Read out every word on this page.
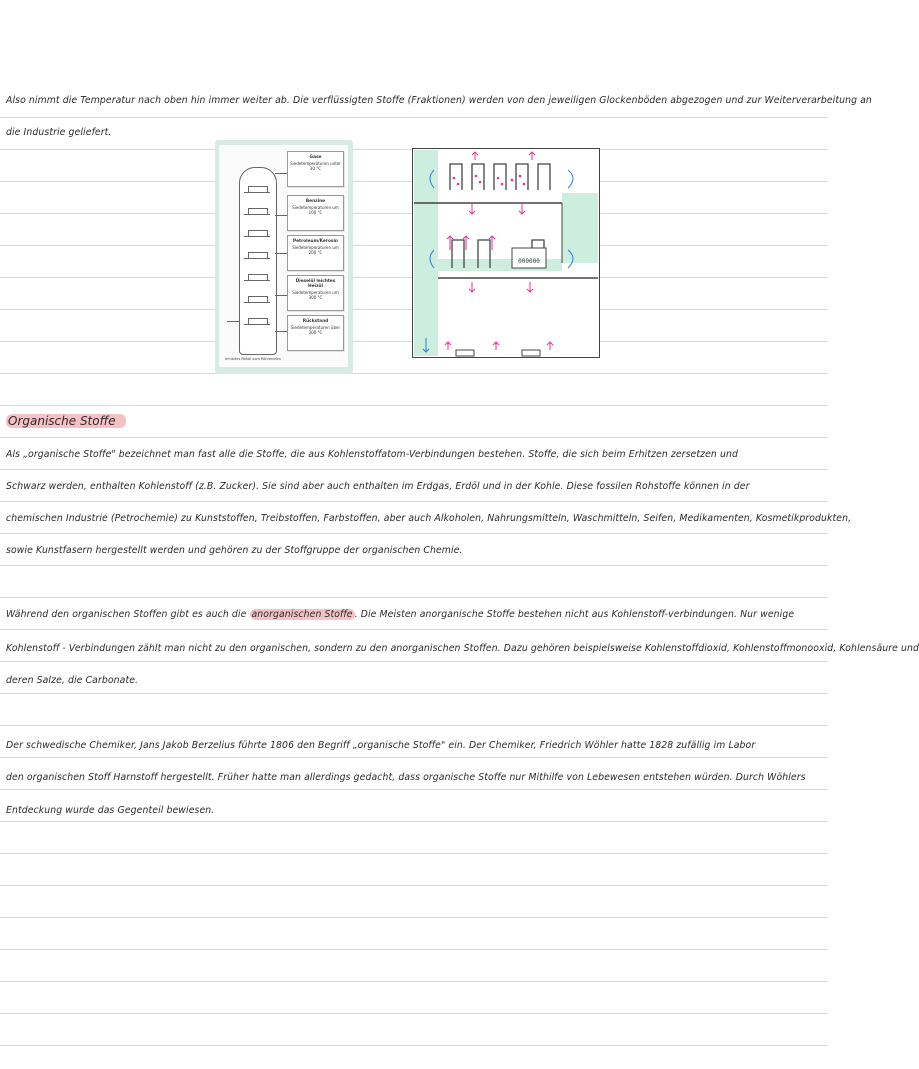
Also nimmt die Temperatur nach oben hin immer weiter ab. Die verflüssigten Stoffe (Fraktionen) werden von den jeweiligen Glockenböden abgezogen und zur Weiterverarbeitung an
die Industrie geliefert.
Gase
Siedetemperaturen unter 30 °C
Benzine
Siedetemperaturen um 100 °C
Petroleum/Kerosin
Siedetemperaturen um 200 °C
Dieselöl leichtes Heizöl
Siedetemperaturen um 300 °C
Rückstand
Siedetemperaturen über 300 °C
erhitztes Rohöl vom Röhrenofen
000000
Organische Stoffe
Als „organische Stoffe" bezeichnet man fast alle die Stoffe, die aus Kohlenstoffatom-Verbindungen bestehen. Stoffe, die sich beim Erhitzen zersetzen und
Schwarz werden, enthalten Kohlenstoff (z.B. Zucker). Sie sind aber auch enthalten im Erdgas, Erdöl und in der Kohle. Diese fossilen Rohstoffe können in der
chemischen Industrie (Petrochemie) zu Kunststoffen, Treibstoffen, Farbstoffen, aber auch Alkoholen, Nahrungsmitteln, Waschmitteln, Seifen, Medikamenten, Kosmetikprodukten,
sowie Kunstfasern hergestellt werden und gehören zu der Stoffgruppe der organischen Chemie.
Während den organischen Stoffen gibt es auch die anorganischen Stoffe . Die Meisten anorganische Stoffe bestehen nicht aus Kohlenstoff-verbindungen. Nur wenige
Kohlenstoff - Verbindungen zählt man nicht zu den organischen, sondern zu den anorganischen Stoffen. Dazu gehören beispielsweise Kohlenstoffdioxid, Kohlenstoffmonooxid, Kohlensäure und
deren Salze, die Carbonate.
Der schwedische Chemiker, Jans Jakob Berzelius führte 1806 den Begriff „organische Stoffe" ein. Der Chemiker, Friedrich Wöhler hatte 1828 zufällig im Labor
den organischen Stoff Harnstoff hergestellt. Früher hatte man allerdings gedacht, dass organische Stoffe nur Mithilfe von Lebewesen entstehen würden. Durch Wöhlers
Entdeckung wurde das Gegenteil bewiesen.
